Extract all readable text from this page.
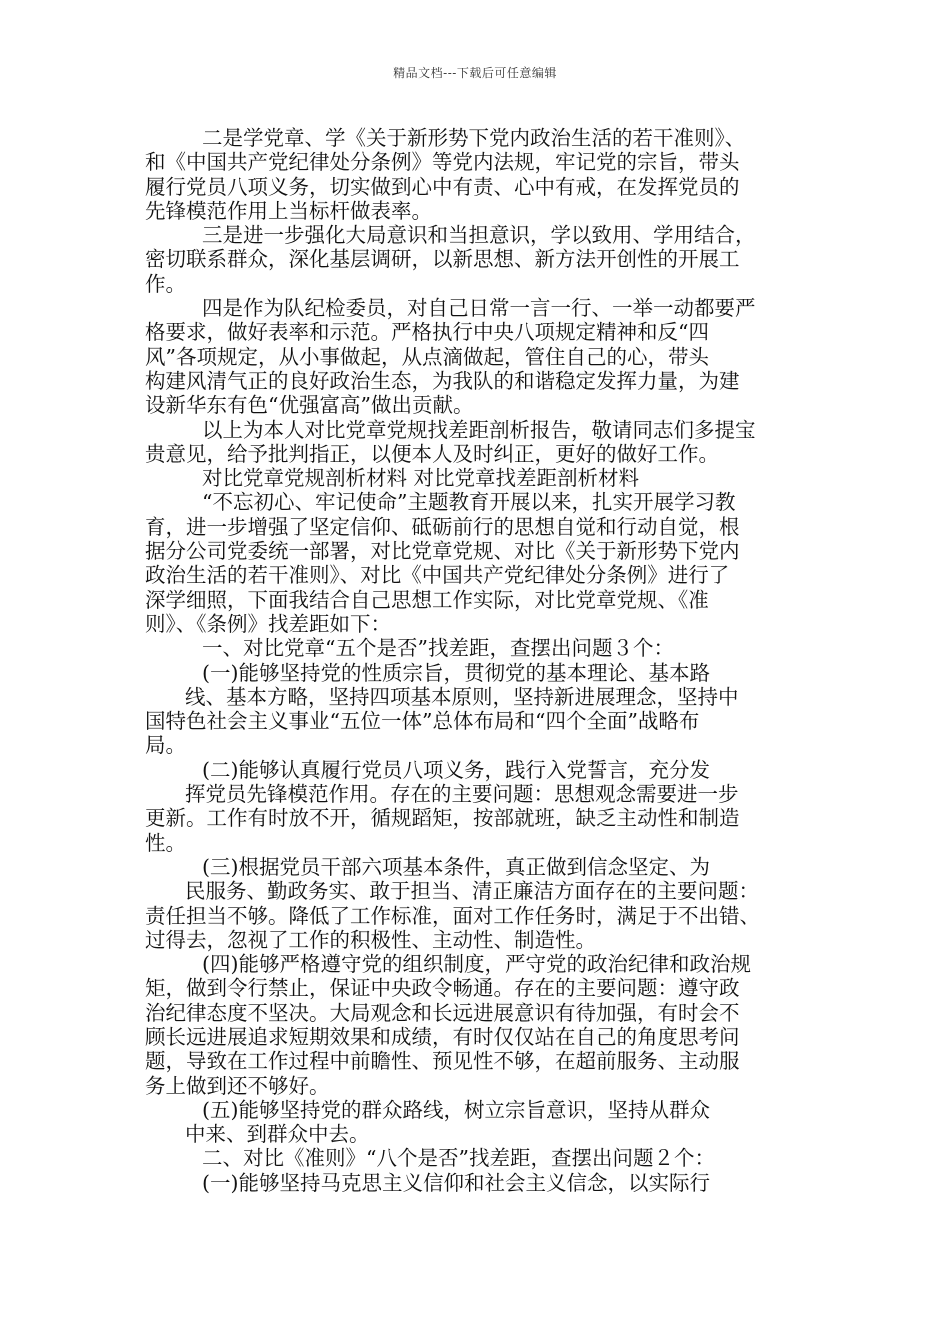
精品文档---下载后可任意编辑
二是学党章、学《关于新形势下党内政治生活的若干准则》、
和《中国共产党纪律处分条例》等党内法规，牢记党的宗旨，带头
履行党员八项义务，切实做到心中有责、心中有戒，在发挥党员的
先锋模范作用上当标杆做表率。
三是进一步强化大局意识和当担意识，学以致用、学用结合，
密切联系群众，深化基层调研，以新思想、新方法开创性的开展工
作。
四是作为队纪检委员，对自己日常一言一行、一举一动都要严
格要求，做好表率和示范。严格执行中央八项规定精神和反“四
风”各项规定，从小事做起，从点滴做起，管住自己的心，带头
构建风清气正的良好政治生态，为我队的和谐稳定发挥力量，为建
设新华东有色“优强富高”做出贡献。
以上为本人对比党章党规找差距剖析报告，敬请同志们多提宝
贵意见，给予批判指正，以便本人及时纠正，更好的做好工作。
对比党章党规剖析材料 对比党章找差距剖析材料
“不忘初心、牢记使命”主题教育开展以来，扎实开展学习教
育，进一步增强了坚定信仰、砥砺前行的思想自觉和行动自觉，根
据分公司党委统一部署，对比党章党规、对比《关于新形势下党内
政治生活的若干准则》、对比《中国共产党纪律处分条例》进行了
深学细照，下面我结合自己思想工作实际，对比党章党规、《准
则》、《条例》找差距如下：
一、对比党章“五个是否”找差距，查摆出问题３个：
(一)能够坚持党的性质宗旨，贯彻党的基本理论、基本路
线、基本方略，坚持四项基本原则，坚持新进展理念，坚持中
国特色社会主义事业“五位一体”总体布局和“四个全面”战略布
局。
(二)能够认真履行党员八项义务，践行入党誓言，充分发
挥党员先锋模范作用。存在的主要问题：思想观念需要进一步
更新。工作有时放不开，循规蹈矩，按部就班，缺乏主动性和制造
性。
(三)根据党员干部六项基本条件，真正做到信念坚定、为
民服务、勤政务实、敢于担当、清正廉洁方面存在的主要问题：
责任担当不够。降低了工作标准，面对工作任务时，满足于不出错、
过得去，忽视了工作的积极性、主动性、制造性。
(四)能够严格遵守党的组织制度，严守党的政治纪律和政治规
矩，做到令行禁止，保证中央政令畅通。存在的主要问题：遵守政
治纪律态度不坚决。大局观念和长远进展意识有待加强，有时会不
顾长远进展追求短期效果和成绩，有时仅仅站在自己的角度思考问
题，导致在工作过程中前瞻性、预见性不够，在超前服务、主动服
务上做到还不够好。
(五)能够坚持党的群众路线，树立宗旨意识，坚持从群众
中来、到群众中去。
二、对比《准则》“八个是否”找差距，查摆出问题２个：
(一)能够坚持马克思主义信仰和社会主义信念，以实际行
